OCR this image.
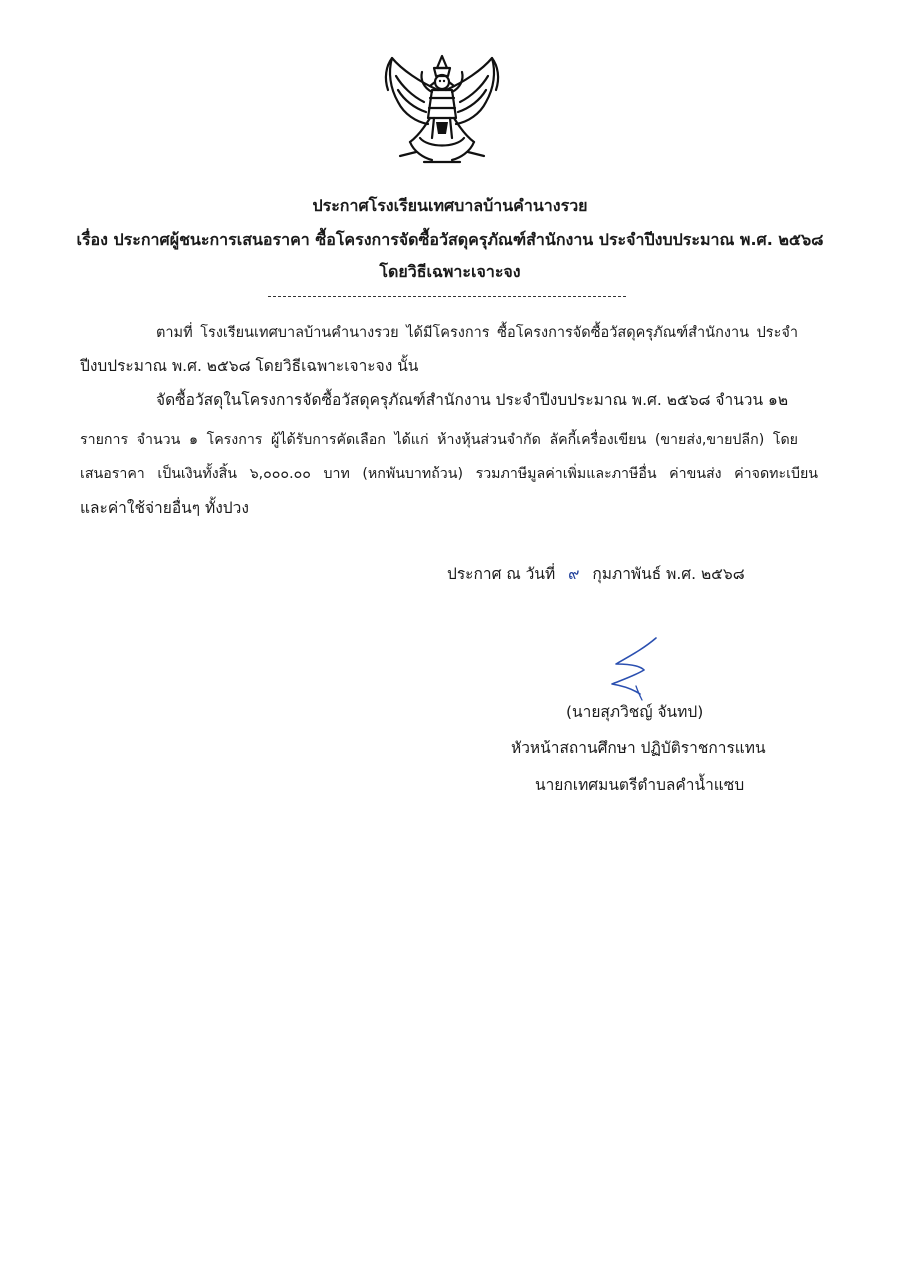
ประกาศโรงเรียนเทศบาลบ้านคำนางรวย
เรื่อง ประกาศผู้ชนะการเสนอราคา ซื้อโครงการจัดซื้อวัสดุครุภัณฑ์สำนักงาน ประจำปีงบประมาณ พ.ศ. ๒๕๖๘
โดยวิธีเฉพาะเจาะจง
ตามที่ โรงเรียนเทศบาลบ้านคำนางรวย ได้มีโครงการ ซื้อโครงการจัดซื้อวัสดุครุภัณฑ์สำนักงาน ประจำ
ปีงบประมาณ พ.ศ. ๒๕๖๘ โดยวิธีเฉพาะเจาะจง นั้น
จัดซื้อวัสดุในโครงการจัดซื้อวัสดุครุภัณฑ์สำนักงาน ประจำปีงบประมาณ พ.ศ. ๒๕๖๘ จำนวน ๑๒
รายการ จำนวน ๑ โครงการ ผู้ได้รับการคัดเลือก ได้แก่ ห้างหุ้นส่วนจำกัด ลัคกี้เครื่องเขียน (ขายส่ง,ขายปลีก) โดย
เสนอราคา เป็นเงินทั้งสิ้น ๖,๐๐๐.๐๐ บาท (หกพันบาทถ้วน) รวมภาษีมูลค่าเพิ่มและภาษีอื่น ค่าขนส่ง ค่าจดทะเบียน
และค่าใช้จ่ายอื่นๆ ทั้งปวง
ประกาศ ณ วันที่ ๙ กุมภาพันธ์ พ.ศ. ๒๕๖๘
(นายสุภวิชญ์ จันทป)
หัวหน้าสถานศึกษา ปฏิบัติราชการแทน
นายกเทศมนตรีตำบลคำน้ำแซบ
